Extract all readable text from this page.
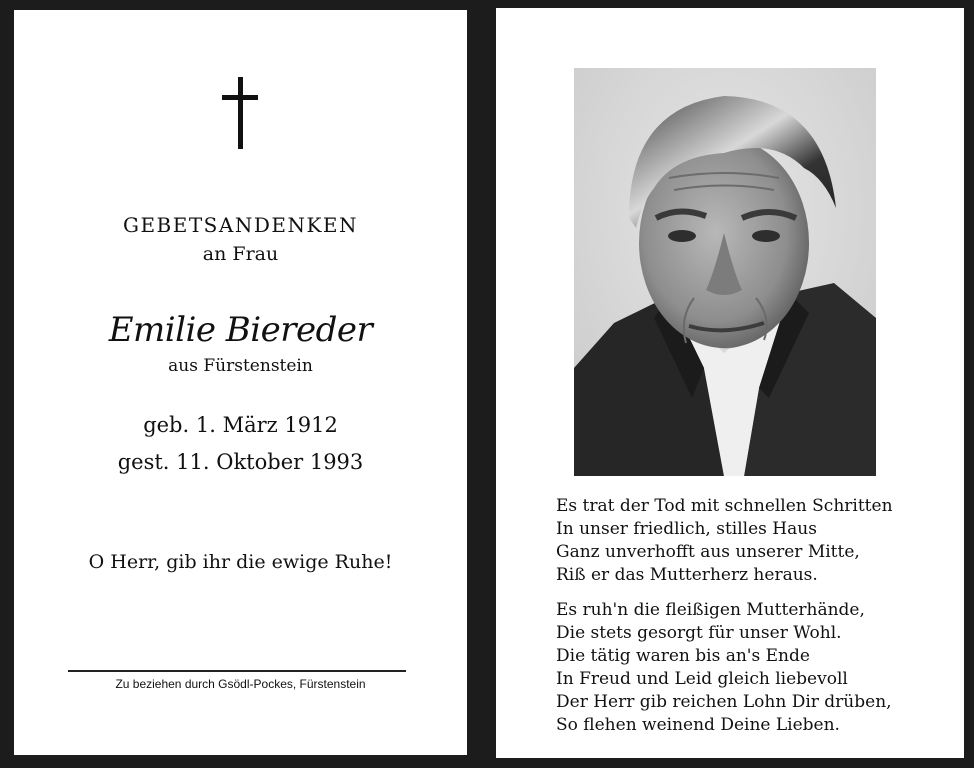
GEBETSANDENKEN
an Frau
Emilie Biereder
aus Fürstenstein
geb. 1. März 1912
gest. 11. Oktober 1993
O Herr, gib ihr die ewige Ruhe!
Zu beziehen durch Gsödl-Pockes, Fürstenstein
Es trat der Tod mit schnellen Schritten
In unser friedlich, stilles Haus
Ganz unverhofft aus unserer Mitte,
Riß er das Mutterherz heraus.
Es ruh'n die fleißigen Mutterhände,
Die stets gesorgt für unser Wohl.
Die tätig waren bis an's Ende
In Freud und Leid gleich liebevoll
Der Herr gib reichen Lohn Dir drüben,
So flehen weinend Deine Lieben.
